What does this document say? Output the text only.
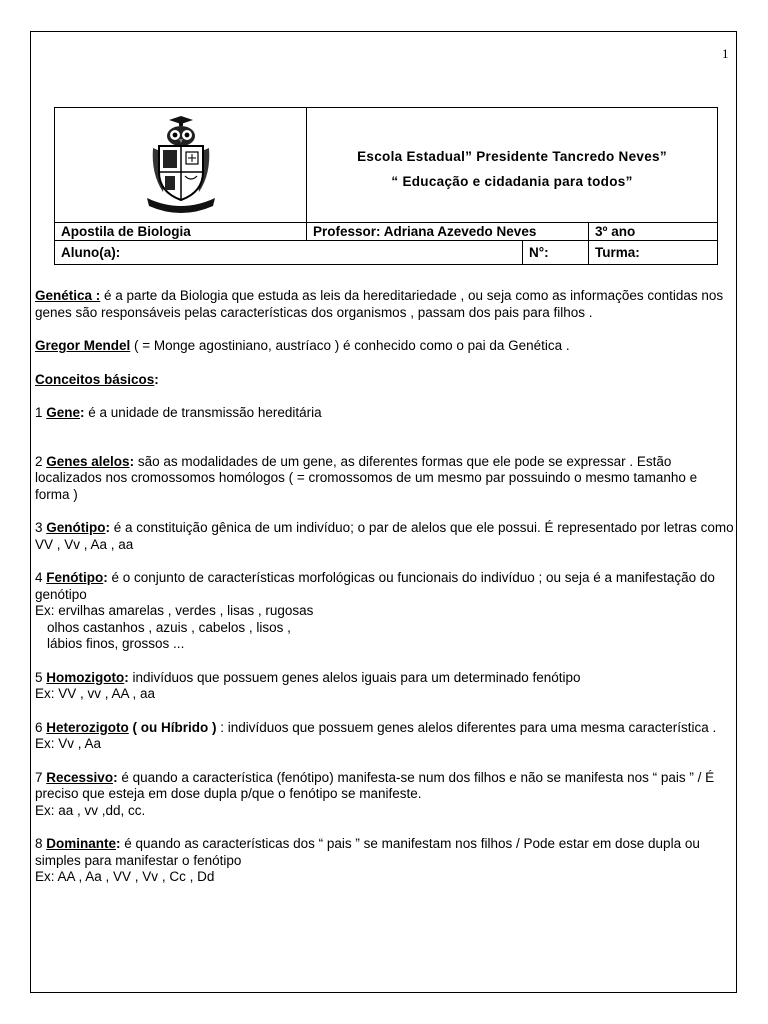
1

Escola Estadual” Presidente Tancredo Neves”
“ Educação e cidadania para todos”		

Apostila de Biologia	Professor: Adriana Azevedo Neves		3º ano
Aluno(a):		N°:	Turma:

Genética : é a parte da Biologia que estuda as leis da hereditariedade , ou seja como as informações contidas nos genes são responsáveis pelas características dos organismos , passam dos pais para filhos .

Gregor Mendel ( = Monge agostiniano, austríaco ) é conhecido como o pai da Genética .

Conceitos básicos:

1 Gene: é a unidade de transmissão hereditária

2 Genes alelos: são as modalidades de um gene, as diferentes formas que ele pode se expressar . Estão localizados nos cromossomos homólogos ( = cromossomos de um mesmo par possuindo o mesmo tamanho e forma )

3 Genótipo: é a constituição gênica de um indivíduo; o par de alelos que ele possui. É representado por letras como VV , Vv , Aa , aa

4 Fenótipo: é o conjunto de características morfológicas ou funcionais do indivíduo ; ou seja é a manifestação do genótipo

Ex: ervilhas amarelas , verdes , lisas , rugosas

olhos castanhos , azuis , cabelos , lisos ,

lábios finos, grossos ...

5 Homozigoto: indivíduos que possuem genes alelos iguais para um determinado fenótipo

Ex: VV , vv , AA , aa

6 Heterozigoto ( ou Híbrido ) : indivíduos que possuem genes alelos diferentes para uma mesma característica .

Ex: Vv , Aa

7 Recessivo: é quando a característica (fenótipo) manifesta-se num dos filhos e não se manifesta nos “ pais ” / É preciso que esteja em dose dupla p/que o fenótipo se manifeste.

Ex: aa , vv ,dd, cc.

8 Dominante: é quando as características dos “ pais ” se manifestam nos filhos / Pode estar em dose dupla ou simples para manifestar o fenótipo

Ex: AA , Aa , VV , Vv , Cc , Dd
